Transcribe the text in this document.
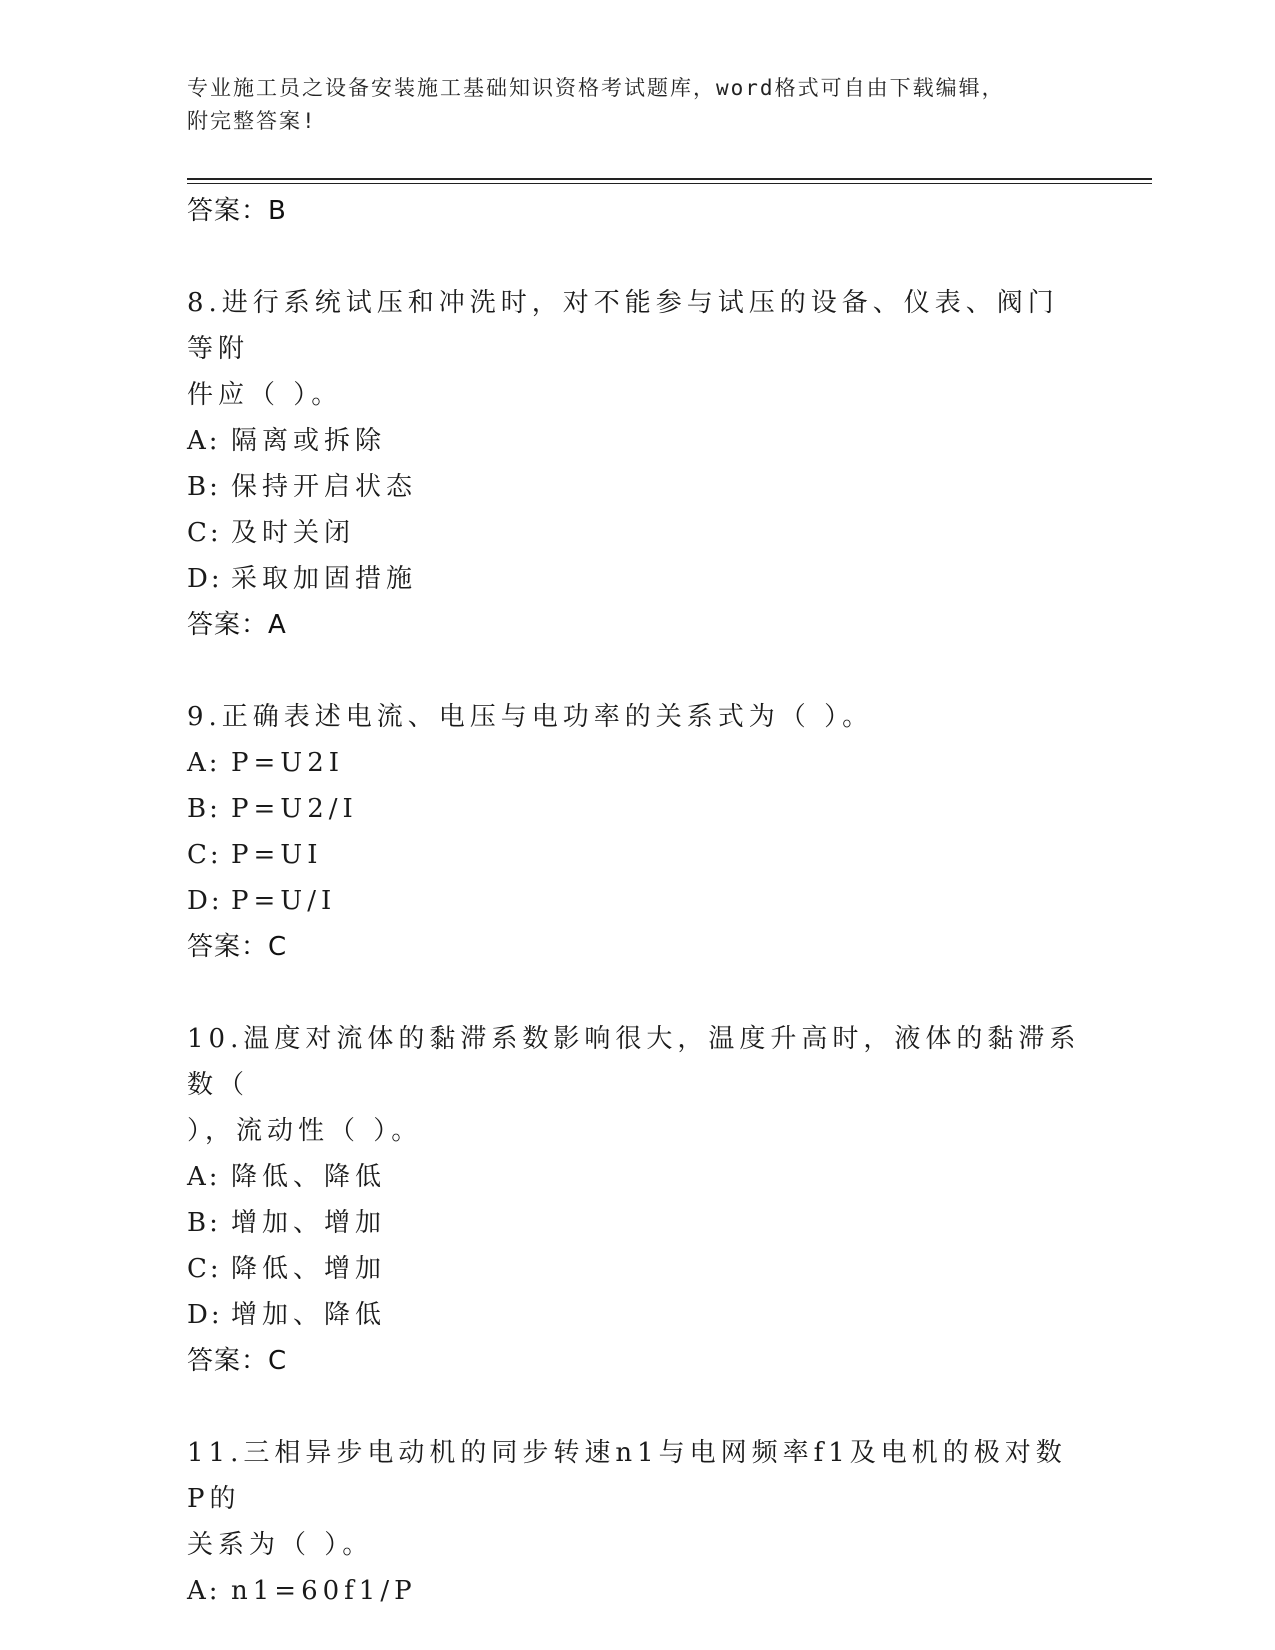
专业施工员之设备安装施工基础知识资格考试题库，word格式可自由下载编辑，
附完整答案!
答案：B
8.进行系统试压和冲洗时，对不能参与试压的设备、仪表、阀门等附
件应（ ）。
A: 隔离或拆除
B: 保持开启状态
C: 及时关闭
D: 采取加固措施
答案：A
9.正确表述电流、电压与电功率的关系式为（ ）。
A: P=U2I
B: P=U2/I
C: P=UI
D: P=U/I
答案：C
10.温度对流体的黏滞系数影响很大，温度升高时，液体的黏滞系数（
），流动性（ ）。
A: 降低、降低
B: 增加、增加
C: 降低、增加
D: 增加、降低
答案：C
11.三相异步电动机的同步转速n1与电网频率f1及电机的极对数P的
关系为（ ）。
A: n1=60f1/P
